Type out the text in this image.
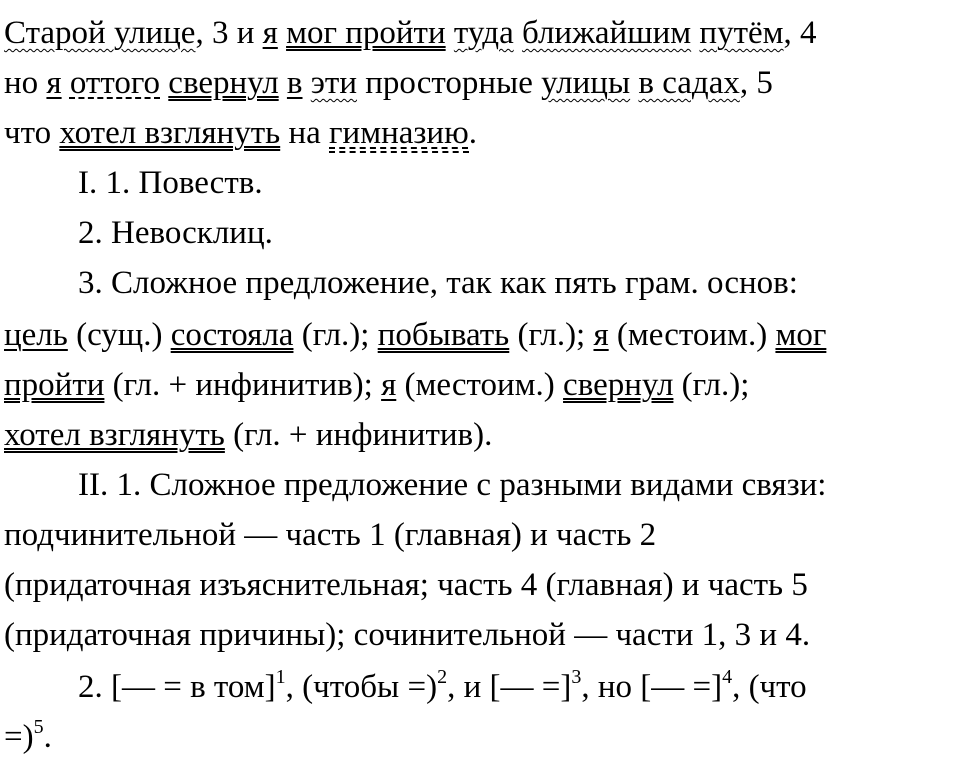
Старой улице, 3 и я мог пройти туда ближайшим путём, 4
но я оттого свернул в эти просторные улицы в садах, 5
что хотел взглянуть на гимназию.
I. 1. Повеств.
2. Невосклиц.
3. Сложное предложение, так как пять грам. основ:
цель (сущ.) состояла (гл.); побывать (гл.); я (местоим.) мог
пройти (гл. + инфинитив); я (местоим.) свернул (гл.);
хотел взглянуть (гл. + инфинитив).
II. 1. Сложное предложение с разными видами связи:
подчинительной — часть 1 (главная) и часть 2
(придаточная изъяснительная; часть 4 (главная) и часть 5
(придаточная причины); сочинительной — части 1, 3 и 4.
2. [— = в том]$^1$, (чтобы =)$^2$, и [— =]$^3$, но [— =]$^4$, (что
=)$^5$.
